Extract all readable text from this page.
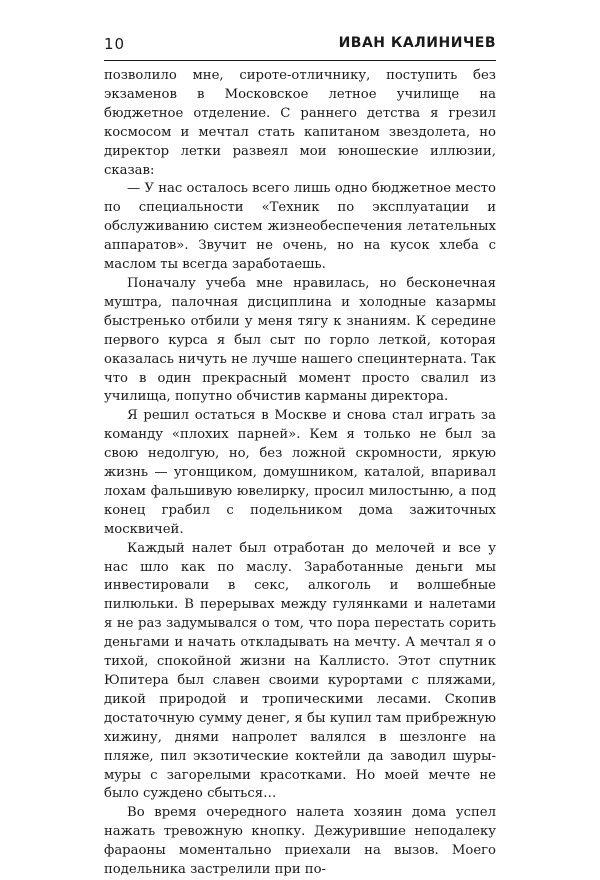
10	ИВАН КАЛИНИЧЕВ

позволило мне, сироте-отличнику, поступить без экзаменов в Московское летное училище на бюджетное отделение. С раннего детства я грезил космосом и мечтал стать капитаном звездолета, но директор летки развеял мои юношеские иллюзии, сказав:

— У нас осталось всего лишь одно бюджетное место по специальности «Техник по эксплуатации и обслуживанию систем жизнеобеспечения летательных аппаратов». Звучит не очень, но на кусок хлеба с маслом ты всегда заработаешь.

Поначалу учеба мне нравилась, но бесконечная муштра, палочная дисциплина и холодные казармы быстренько отбили у меня тягу к знаниям. К середине первого курса я был сыт по горло леткой, которая оказалась ничуть не лучше нашего специнтерната. Так что в один прекрасный момент просто свалил из училища, попутно обчистив карманы директора.

Я решил остаться в Москве и снова стал играть за команду «плохих парней». Кем я только не был за свою недолгую, но, без ложной скромности, яркую жизнь — угонщиком, домушником, каталой, впаривал лохам фальшивую ювелирку, просил милостыню, а под конец грабил с подельником дома зажиточных москвичей.

Каждый налет был отработан до мелочей и все у нас шло как по маслу. Заработанные деньги мы инвестировали в секс, алкоголь и волшебные пилюльки. В перерывах между гулянками и налетами я не раз задумывался о том, что пора перестать сорить деньгами и начать откладывать на мечту. А мечтал я о тихой, спокойной жизни на Каллисто. Этот спутник Юпитера был славен своими курортами с пляжами, дикой природой и тропическими лесами. Скопив достаточную сумму денег, я бы купил там прибрежную хижину, днями напролет валялся в шезлонге на пляже, пил экзотические коктейли да заводил шуры-муры с загорелыми красотками. Но моей мечте не было суждено сбыться…

Во время очередного налета хозяин дома успел нажать тревожную кнопку. Дежурившие неподалеку фараоны моментально приехали на вызов. Моего подельника застрелили при по-
